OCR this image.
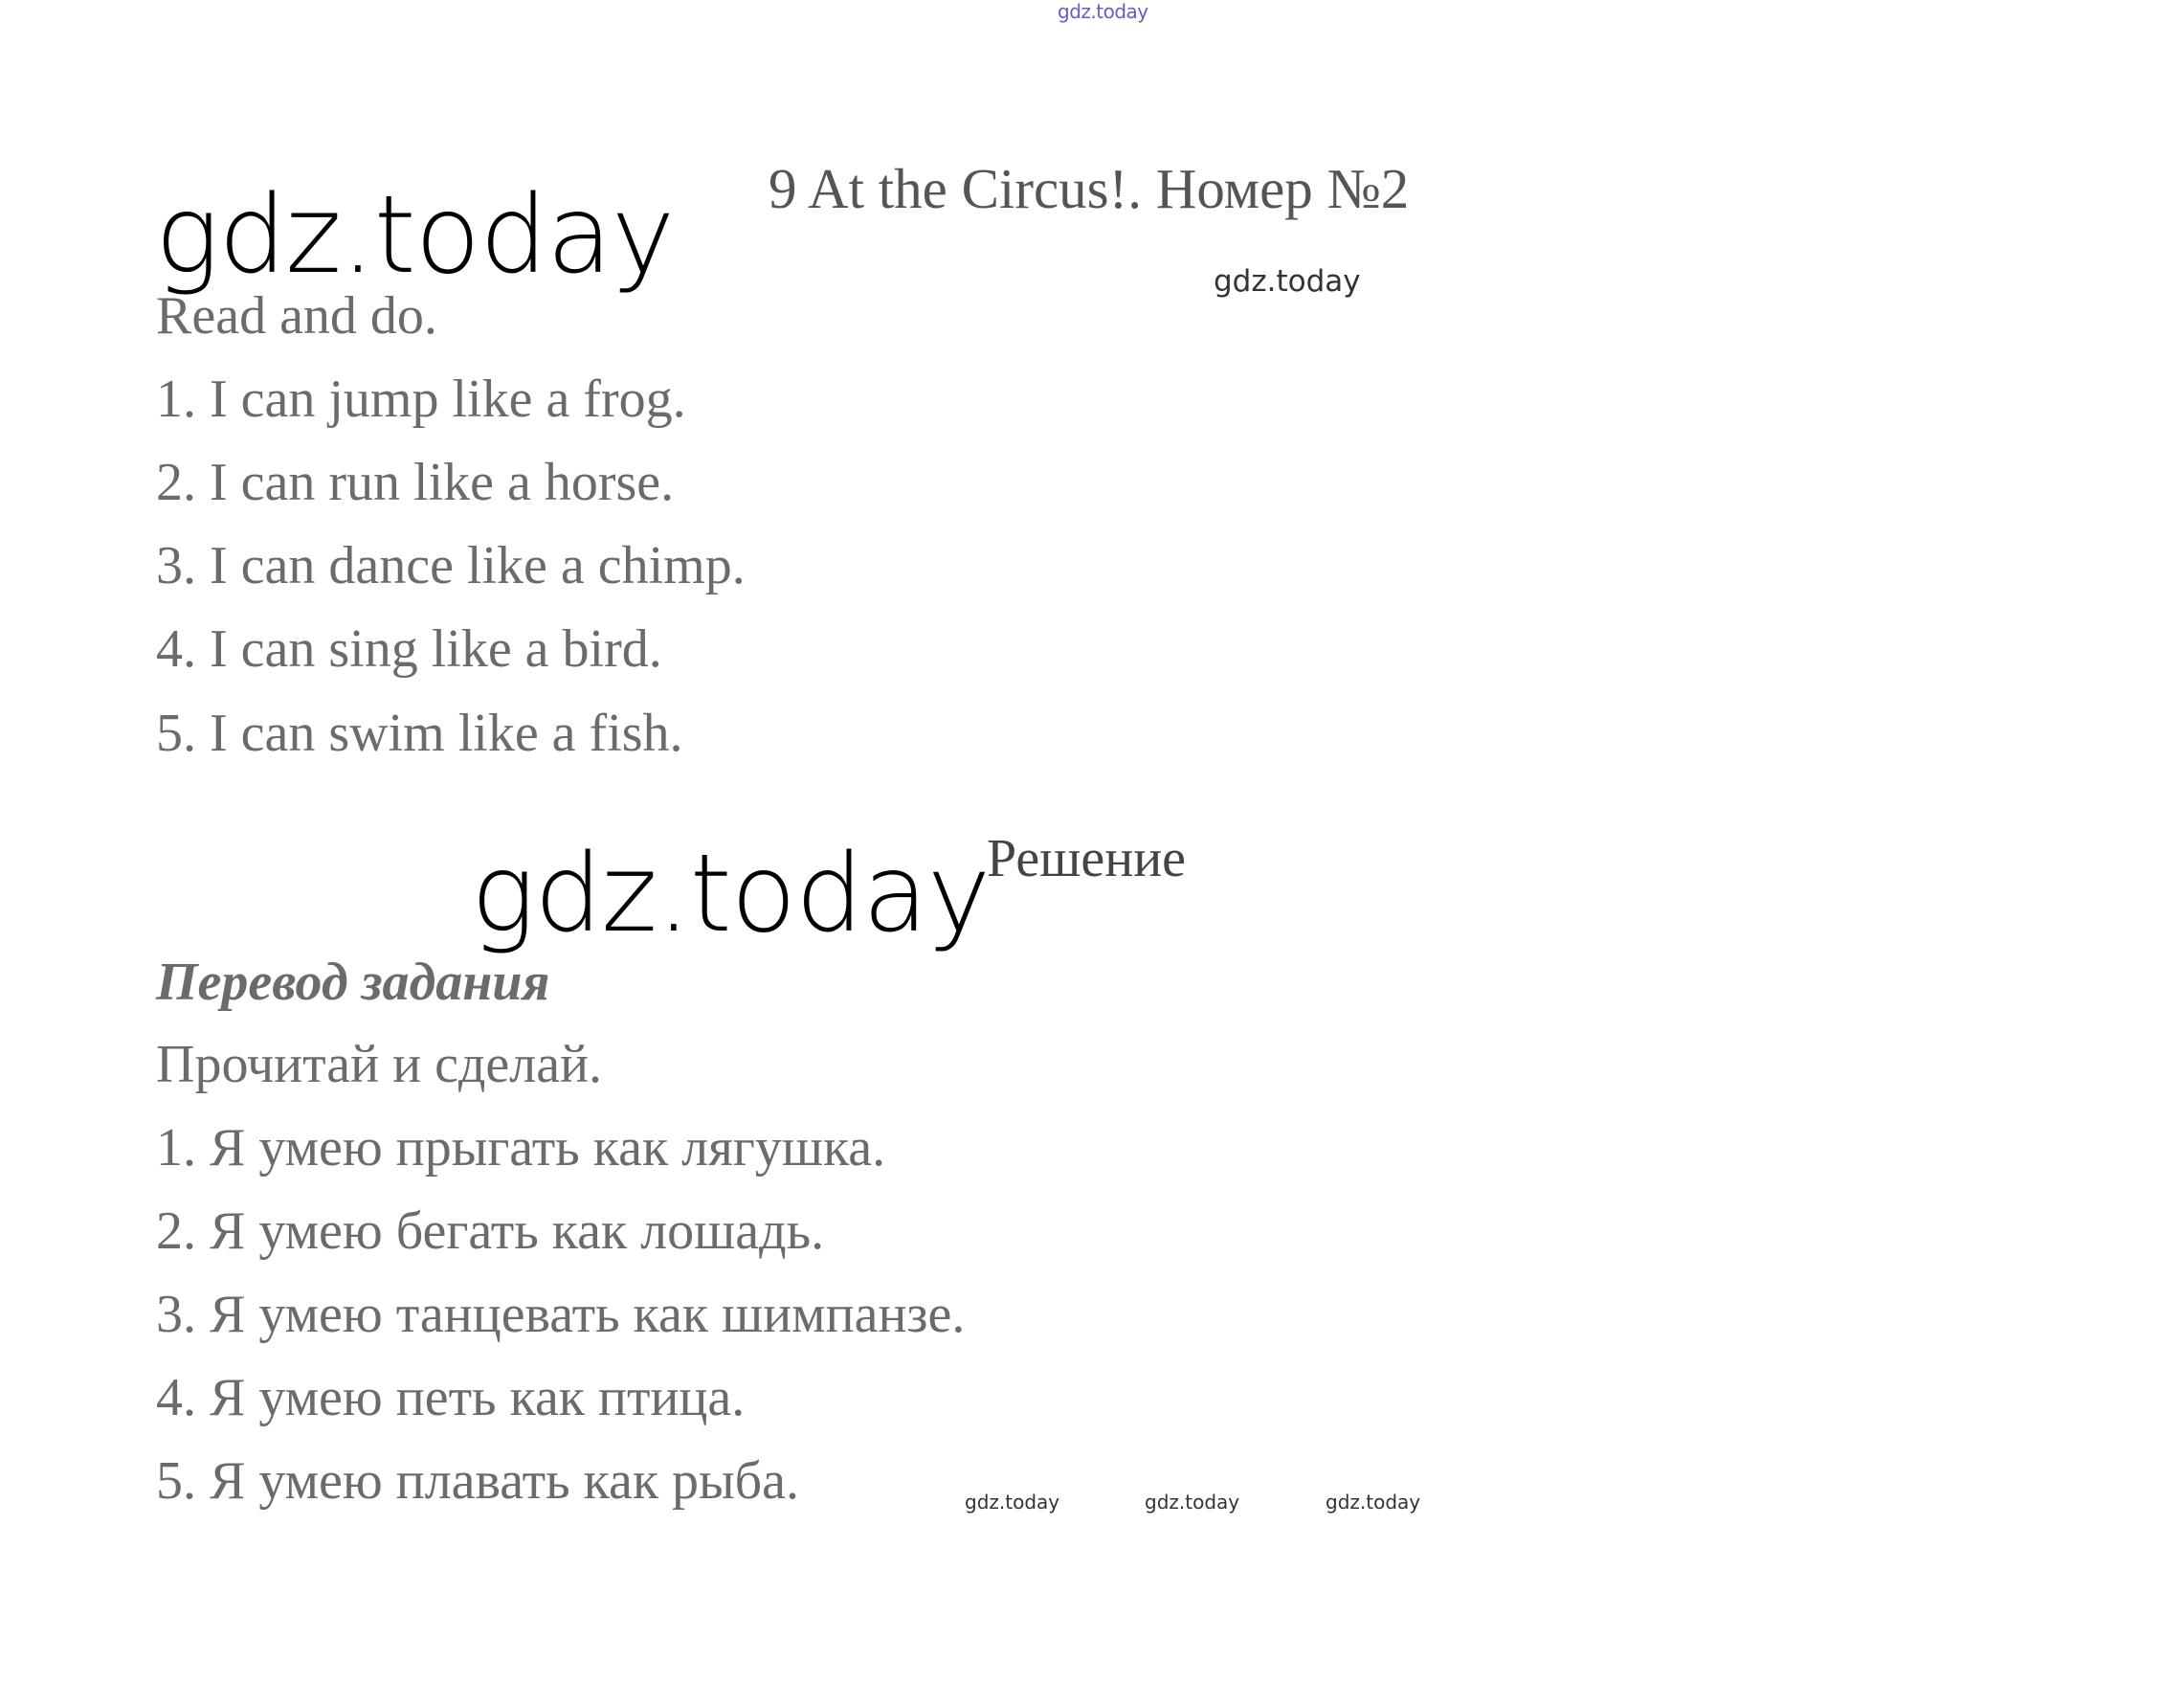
gdz.today
gdz.today 9 At the Circus!. Номер №2
gdz.today
Read and do.
1. I can jump like a frog.
2. I can run like a horse.
3. I can dance like a chimp.
4. I can sing like a bird.
5. I can swim like a fish.
gdz.today
Решение
Перевод задания
Прочитай и сделай.
1. Я умею прыгать как лягушка.
2. Я умею бегать как лошадь.
3. Я умею танцевать как шимпанзе.
4. Я умею петь как птица.
5. Я умею плавать как рыба.	gdz.today	gdz.today	gdz.today
